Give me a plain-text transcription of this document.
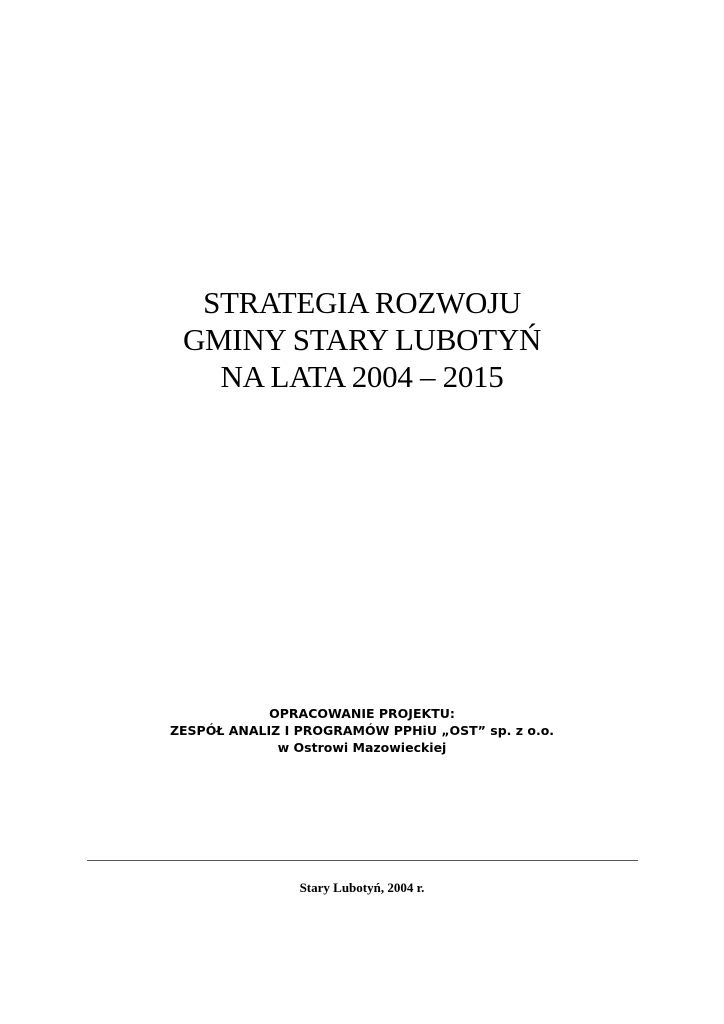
STRATEGIA ROZWOJU
GMINY STARY LUBOTYŃ
NA LATA 2004 – 2015
OPRACOWANIE PROJEKTU:
ZESPÓŁ ANALIZ I PROGRAMÓW PPHiU „OST” sp. z o.o.
w Ostrowi Mazowieckiej
Stary Lubotyń, 2004 r.
